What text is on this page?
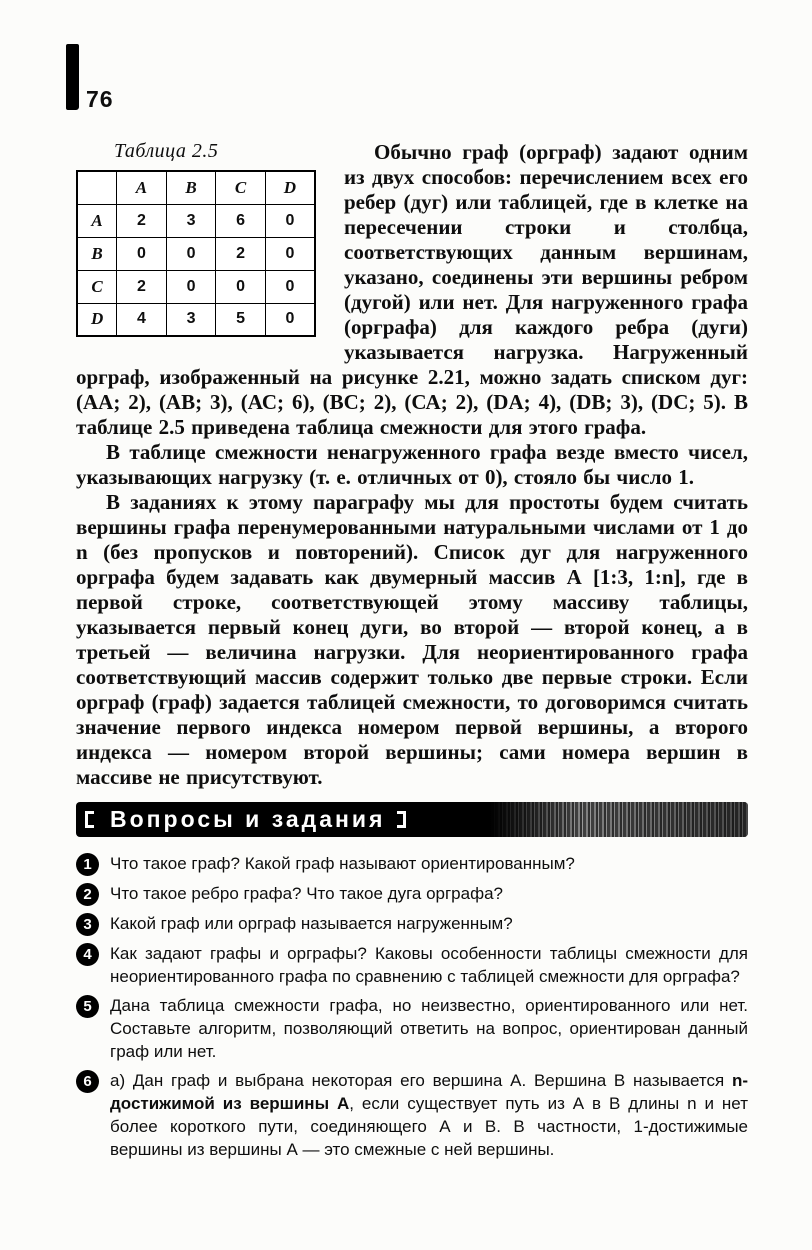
76
Таблица 2.5
	A	B	C	D
A	2	3	6	0
B	0	0	2	0
C	2	0	0	0
D	4	3	5	0

Обычно граф (орграф) задают одним из двух способов: перечислением всех его ребер (дуг) или таблицей, где в клетке на пересечении строки и столбца, соответствующих данным вершинам, указано, соединены эти вершины ребром (дугой) или нет. Для нагруженного графа (орграфа) для каждого ребра (дуги) указывается нагрузка. Нагруженный орграф, изображенный на рисунке 2.21, можно задать списком дуг: (АА; 2), (АВ; 3), (АС; 6), (ВС; 2), (СА; 2), (DA; 4), (DB; 3), (DC; 5). В таблице 2.5 приведена таблица смежности для этого графа.

В таблице смежности ненагруженного графа везде вместо чисел, указывающих нагрузку (т. е. отличных от 0), стояло бы число 1.

В заданиях к этому параграфу мы для простоты будем считать вершины графа перенумерованными натуральными числами от 1 до n (без пропусков и повторений). Список дуг для нагруженного орграфа будем задавать как двумерный массив А [1:3, 1:n], где в первой строке, соответствующей этому массиву таблицы, указывается первый конец дуги, во второй — второй конец, а в третьей — величина нагрузки. Для неориентированного графа соответствующий массив содержит только две первые строки. Если орграф (граф) задается таблицей смежности, то договоримся считать значение первого индекса номером первой вершины, а второго индекса — номером второй вершины; сами номера вершин в массиве не присутствуют.

Вопросы и задания
1	Что такое граф? Какой граф называют ориентированным?
2	Что такое ребро графа? Что такое дуга орграфа?
3	Какой граф или орграф называется нагруженным?
4	Как задают графы и орграфы? Каковы особенности таблицы смежности для неориентированного графа по сравнению с таблицей смежности для орграфа?
5	Дана таблица смежности графа, но неизвестно, ориентированного или нет. Составьте алгоритм, позволяющий ответить на вопрос, ориентирован данный граф или нет.
6	а) Дан граф и выбрана некоторая его вершина А. Вершина В называется n-достижимой из вершины А, если существует путь из А в В длины n и нет более короткого пути, соединяющего А и В. В частности, 1-достижимые вершины из вершины А — это смежные с ней вершины.
